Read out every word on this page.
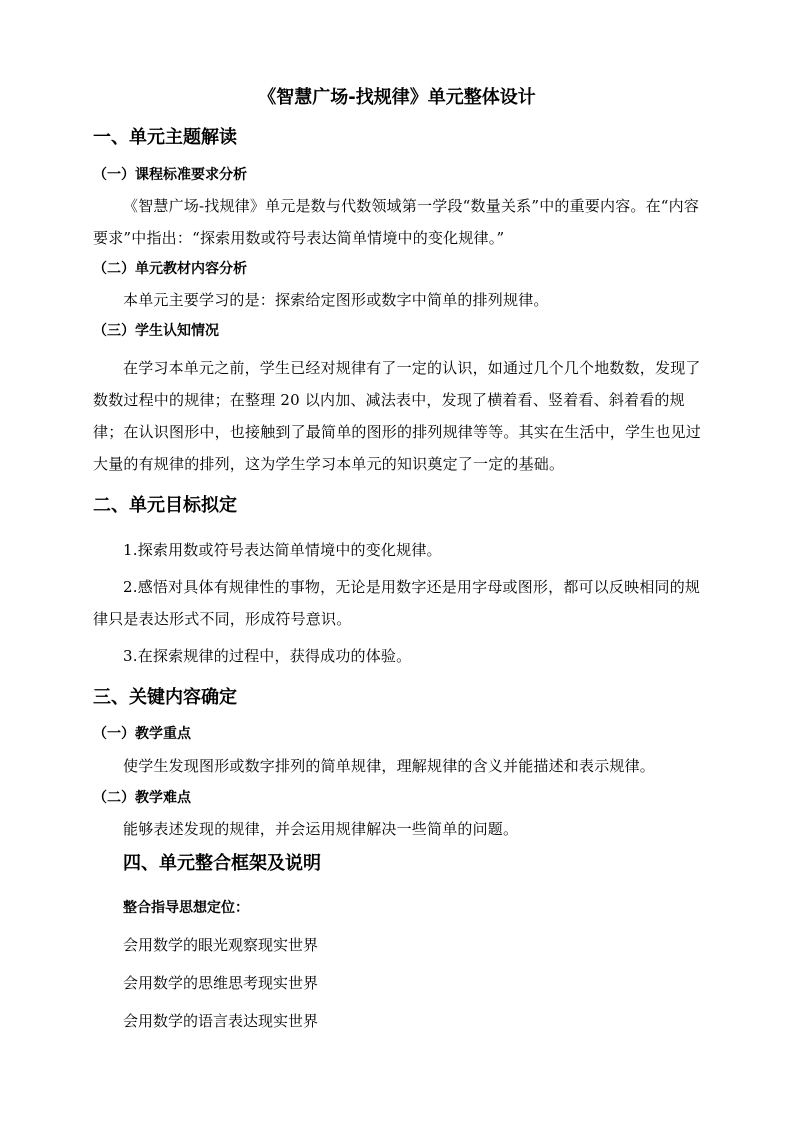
《智慧广场-找规律》单元整体设计
一、单元主题解读
（一）课程标准要求分析
《智慧广场-找规律》单元是数与代数领域第一学段“数量关系”中的重要内容。在“内容要求”中指出：“探索用数或符号表达简单情境中的变化规律。”
（二）单元教材内容分析
本单元主要学习的是：探索给定图形或数字中简单的排列规律。
（三）学生认知情况
在学习本单元之前，学生已经对规律有了一定的认识，如通过几个几个地数数，发现了数数过程中的规律；在整理 20 以内加、减法表中，发现了横着看、竖着看、斜着看的规律；在认识图形中，也接触到了最简单的图形的排列规律等等。其实在生活中，学生也见过大量的有规律的排列，这为学生学习本单元的知识奠定了一定的基础。
二、单元目标拟定
1.探索用数或符号表达简单情境中的变化规律。
2.感悟对具体有规律性的事物，无论是用数字还是用字母或图形，都可以反映相同的规律只是表达形式不同，形成符号意识。
3.在探索规律的过程中，获得成功的体验。
三、关键内容确定
（一）教学重点
使学生发现图形或数字排列的简单规律，理解规律的含义并能描述和表示规律。
（二）教学难点
能够表述发现的规律，并会运用规律解决一些简单的问题。
四、单元整合框架及说明
整合指导思想定位：
会用数学的眼光观察现实世界
会用数学的思维思考现实世界
会用数学的语言表达现实世界
